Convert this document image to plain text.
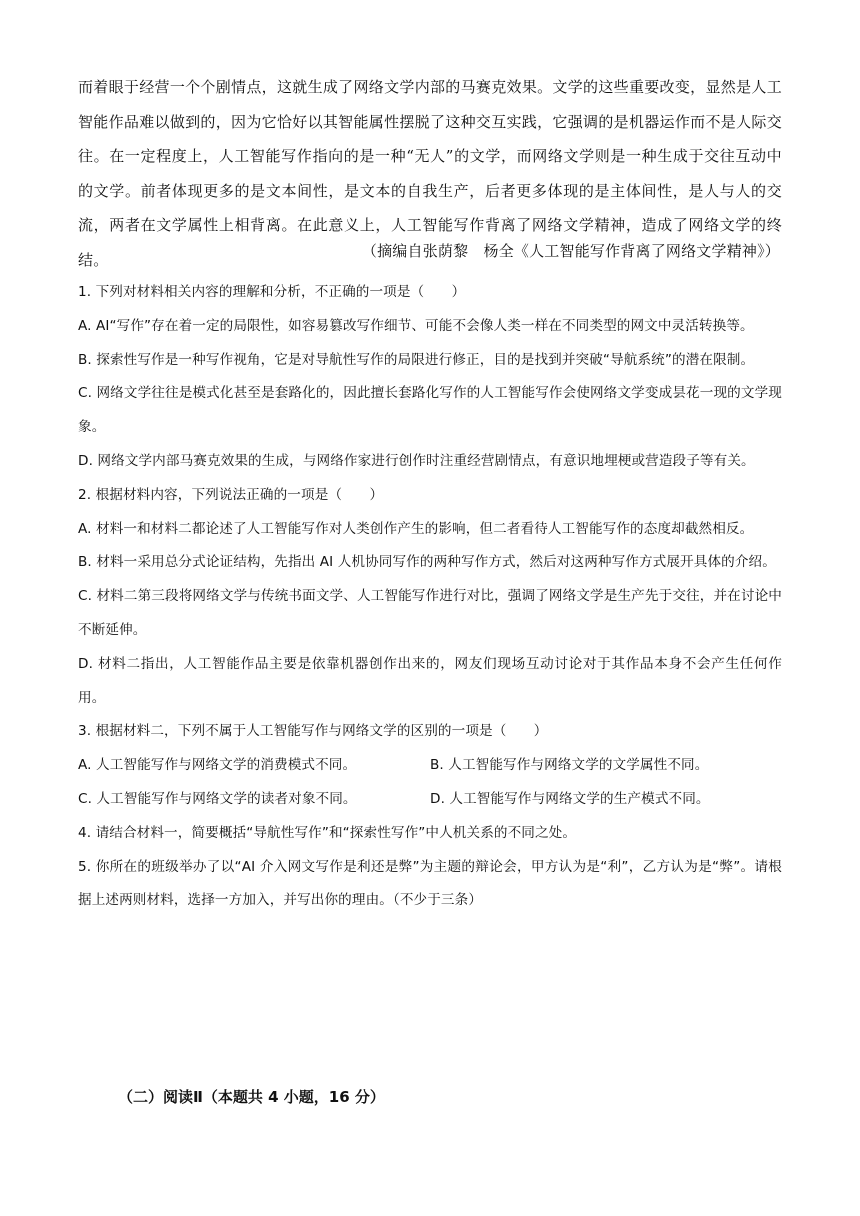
而着眼于经营一个个剧情点，这就生成了网络文学内部的马赛克效果。文学的这些重要改变，显然是人工智能作品难以做到的，因为它恰好以其智能属性摆脱了这种交互实践，它强调的是机器运作而不是人际交往。在一定程度上，人工智能写作指向的是一种“无人”的文学，而网络文学则是一种生成于交往互动中的文学。前者体现更多的是文本间性，是文本的自我生产，后者更多体现的是主体间性，是人与人的交流，两者在文学属性上相背离。在此意义上，人工智能写作背离了网络文学精神，造成了网络文学的终结。	（摘编自张荫黎　杨全《人工智能写作背离了网络文学精神》）

1. 下列对材料相关内容的理解和分析，不正确的一项是（　　）

A. AI“写作”存在着一定的局限性，如容易篡改写作细节、可能不会像人类一样在不同类型的网文中灵活转换等。

B. 探索性写作是一种写作视角，它是对导航性写作的局限进行修正，目的是找到并突破“导航系统”的潜在限制。

C. 网络文学往往是模式化甚至是套路化的，因此擅长套路化写作的人工智能写作会使网络文学变成昙花一现的文学现象。

D. 网络文学内部马赛克效果的生成，与网络作家进行创作时注重经营剧情点，有意识地埋梗或营造段子等有关。

2. 根据材料内容，下列说法正确的一项是（　　）

A. 材料一和材料二都论述了人工智能写作对人类创作产生的影响，但二者看待人工智能写作的态度却截然相反。

B. 材料一采用总分式论证结构，先指出 AI 人机协同写作的两种写作方式，然后对这两种写作方式展开具体的介绍。

C. 材料二第三段将网络文学与传统书面文学、人工智能写作进行对比，强调了网络文学是生产先于交往，并在讨论中不断延伸。

D. 材料二指出，人工智能作品主要是依靠机器创作出来的，网友们现场互动讨论对于其作品本身不会产生任何作用。

3. 根据材料二，下列不属于人工智能写作与网络文学的区别的一项是（　　）

A. 人工智能写作与网络文学的消费模式不同。	B. 人工智能写作与网络文学的文学属性不同。

C. 人工智能写作与网络文学的读者对象不同。	D. 人工智能写作与网络文学的生产模式不同。

4. 请结合材料一，简要概括“导航性写作”和“探索性写作”中人机关系的不同之处。

5. 你所在的班级举办了以“AI 介入网文写作是利还是弊”为主题的辩论会，甲方认为是“利”，乙方认为是“弊”。请根据上述两则材料，选择一方加入，并写出你的理由。（不少于三条）

（二）阅读Ⅱ（本题共 4 小题，16 分）
